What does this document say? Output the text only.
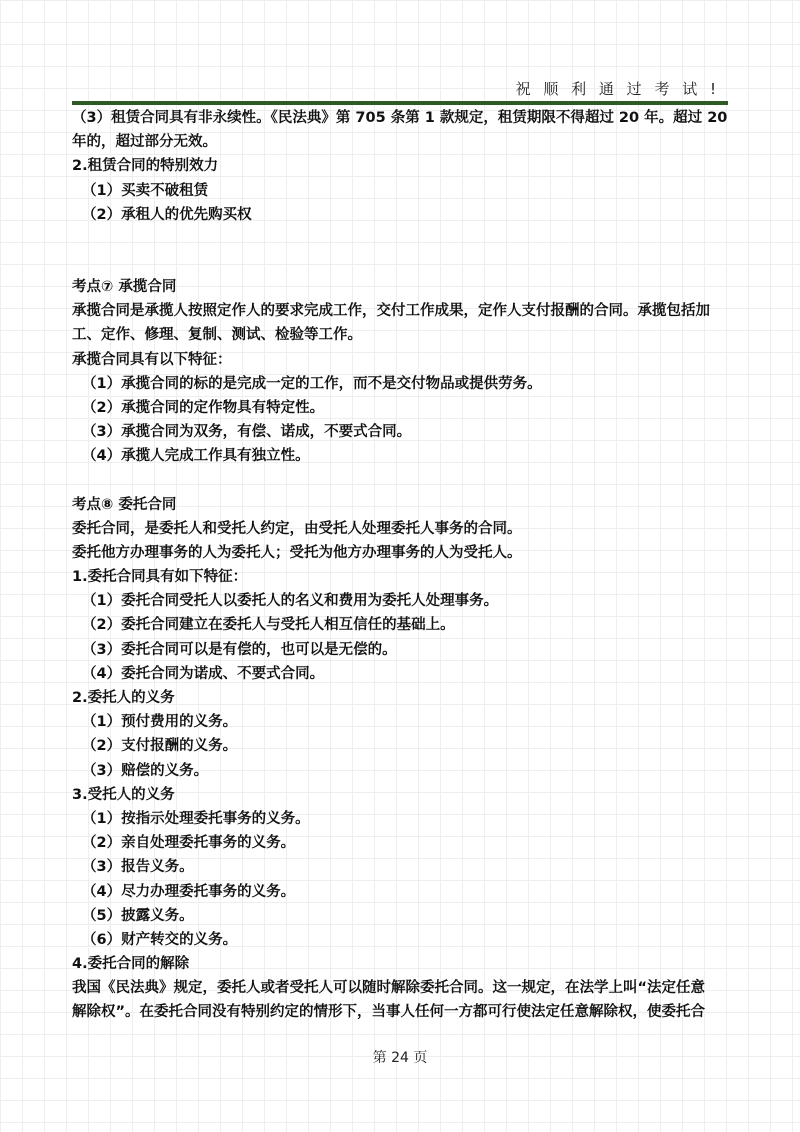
祝 顺 利 通 过 考 试 !
（3）租赁合同具有非永续性。《民法典》第 705 条第 1 款规定，租赁期限不得超过 20 年。超过 20 年的，超过部分无效。
2.租赁合同的特别效力
（1）买卖不破租赁
（2）承租人的优先购买权
考点⑦ 承揽合同
承揽合同是承揽人按照定作人的要求完成工作，交付工作成果，定作人支付报酬的合同。承揽包括加工、定作、修理、复制、测试、检验等工作。
承揽合同具有以下特征：
（1）承揽合同的标的是完成一定的工作，而不是交付物品或提供劳务。
（2）承揽合同的定作物具有特定性。
（3）承揽合同为双务，有偿、诺成，不要式合同。
（4）承揽人完成工作具有独立性。
考点⑧ 委托合同
委托合同，是委托人和受托人约定，由受托人处理委托人事务的合同。
委托他方办理事务的人为委托人；受托为他方办理事务的人为受托人。
1.委托合同具有如下特征：
（1）委托合同受托人以委托人的名义和费用为委托人处理事务。
（2）委托合同建立在委托人与受托人相互信任的基础上。
（3）委托合同可以是有偿的，也可以是无偿的。
（4）委托合同为诺成、不要式合同。
2.委托人的义务
（1）预付费用的义务。
（2）支付报酬的义务。
（3）赔偿的义务。
3.受托人的义务
（1）按指示处理委托事务的义务。
（2）亲自处理委托事务的义务。
（3）报告义务。
（4）尽力办理委托事务的义务。
（5）披露义务。
（6）财产转交的义务。
4.委托合同的解除
我国《民法典》规定，委托人或者受托人可以随时解除委托合同。这一规定，在法学上叫“法定任意
解除权”。在委托合同没有特别约定的情形下，当事人任何一方都可行使法定任意解除权，使委托合
第 24 页
